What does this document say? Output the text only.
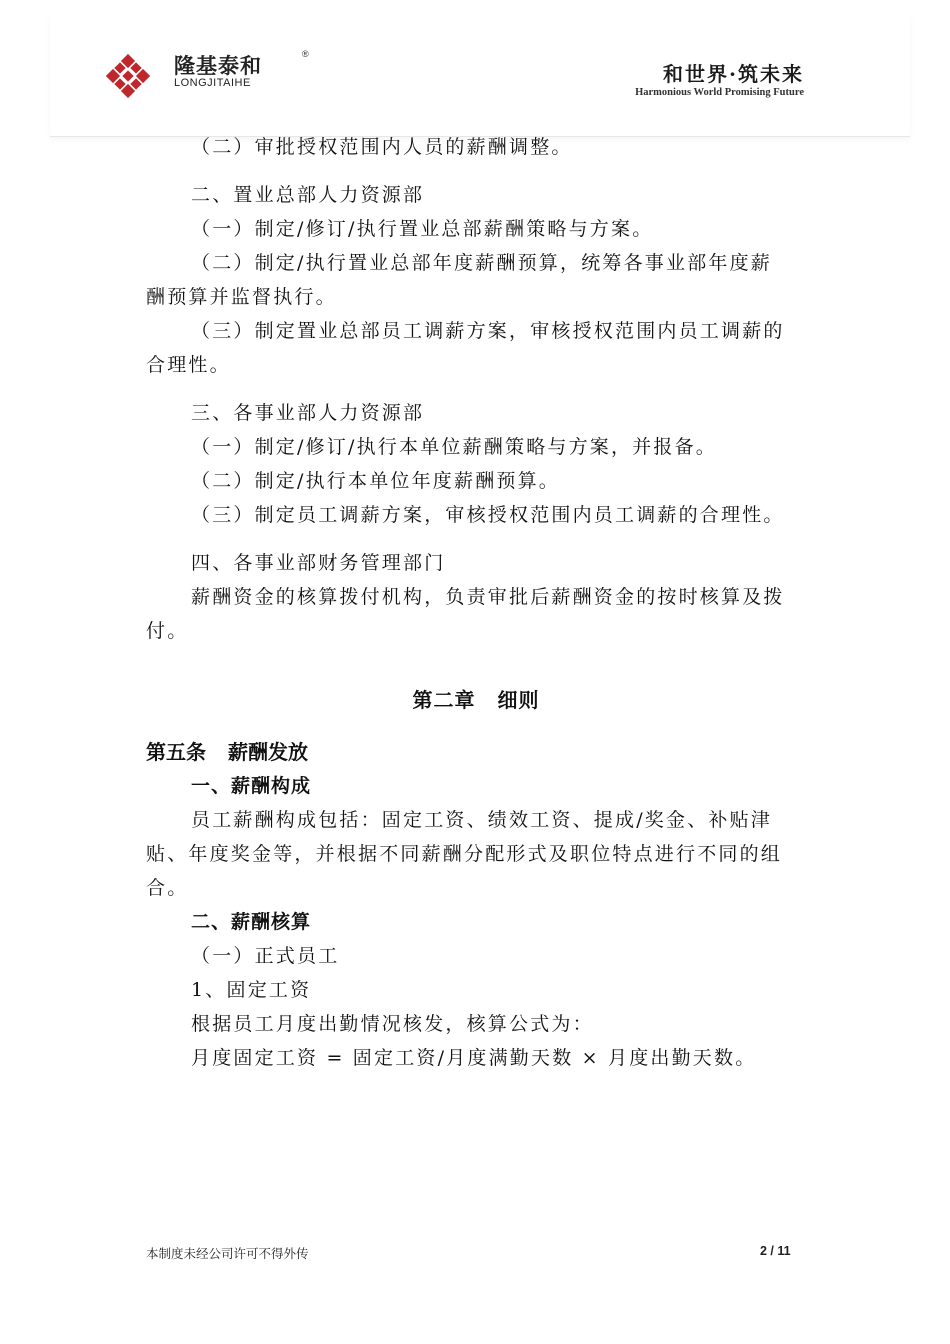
隆基泰和	®
LONGJITAIHE	和世界·筑未来
Harmonious World Promising Future

（二）审批授权范围内人员的薪酬调整。

二、置业总部人力资源部

（一）制定/修订/执行置业总部薪酬策略与方案。

（二）制定/执行置业总部年度薪酬预算，统筹各事业部年度薪

酬预算并监督执行。

（三）制定置业总部员工调薪方案，审核授权范围内员工调薪的

合理性。

三、各事业部人力资源部

（一）制定/修订/执行本单位薪酬策略与方案，并报备。

（二）制定/执行本单位年度薪酬预算。

（三）制定员工调薪方案，审核授权范围内员工调薪的合理性。

四、各事业部财务管理部门

薪酬资金的核算拨付机构，负责审批后薪酬资金的按时核算及拨

付。

第二章 细则

第五条 薪酬发放

一、薪酬构成

员工薪酬构成包括：固定工资、绩效工资、提成/奖金、补贴津

贴、年度奖金等，并根据不同薪酬分配形式及职位特点进行不同的组

合。

二、薪酬核算

（一）正式员工

1、固定工资

根据员工月度出勤情况核发，核算公式为：

月度固定工资 = 固定工资/月度满勤天数 × 月度出勤天数。

本制度未经公司许可不得外传	2 / 11
